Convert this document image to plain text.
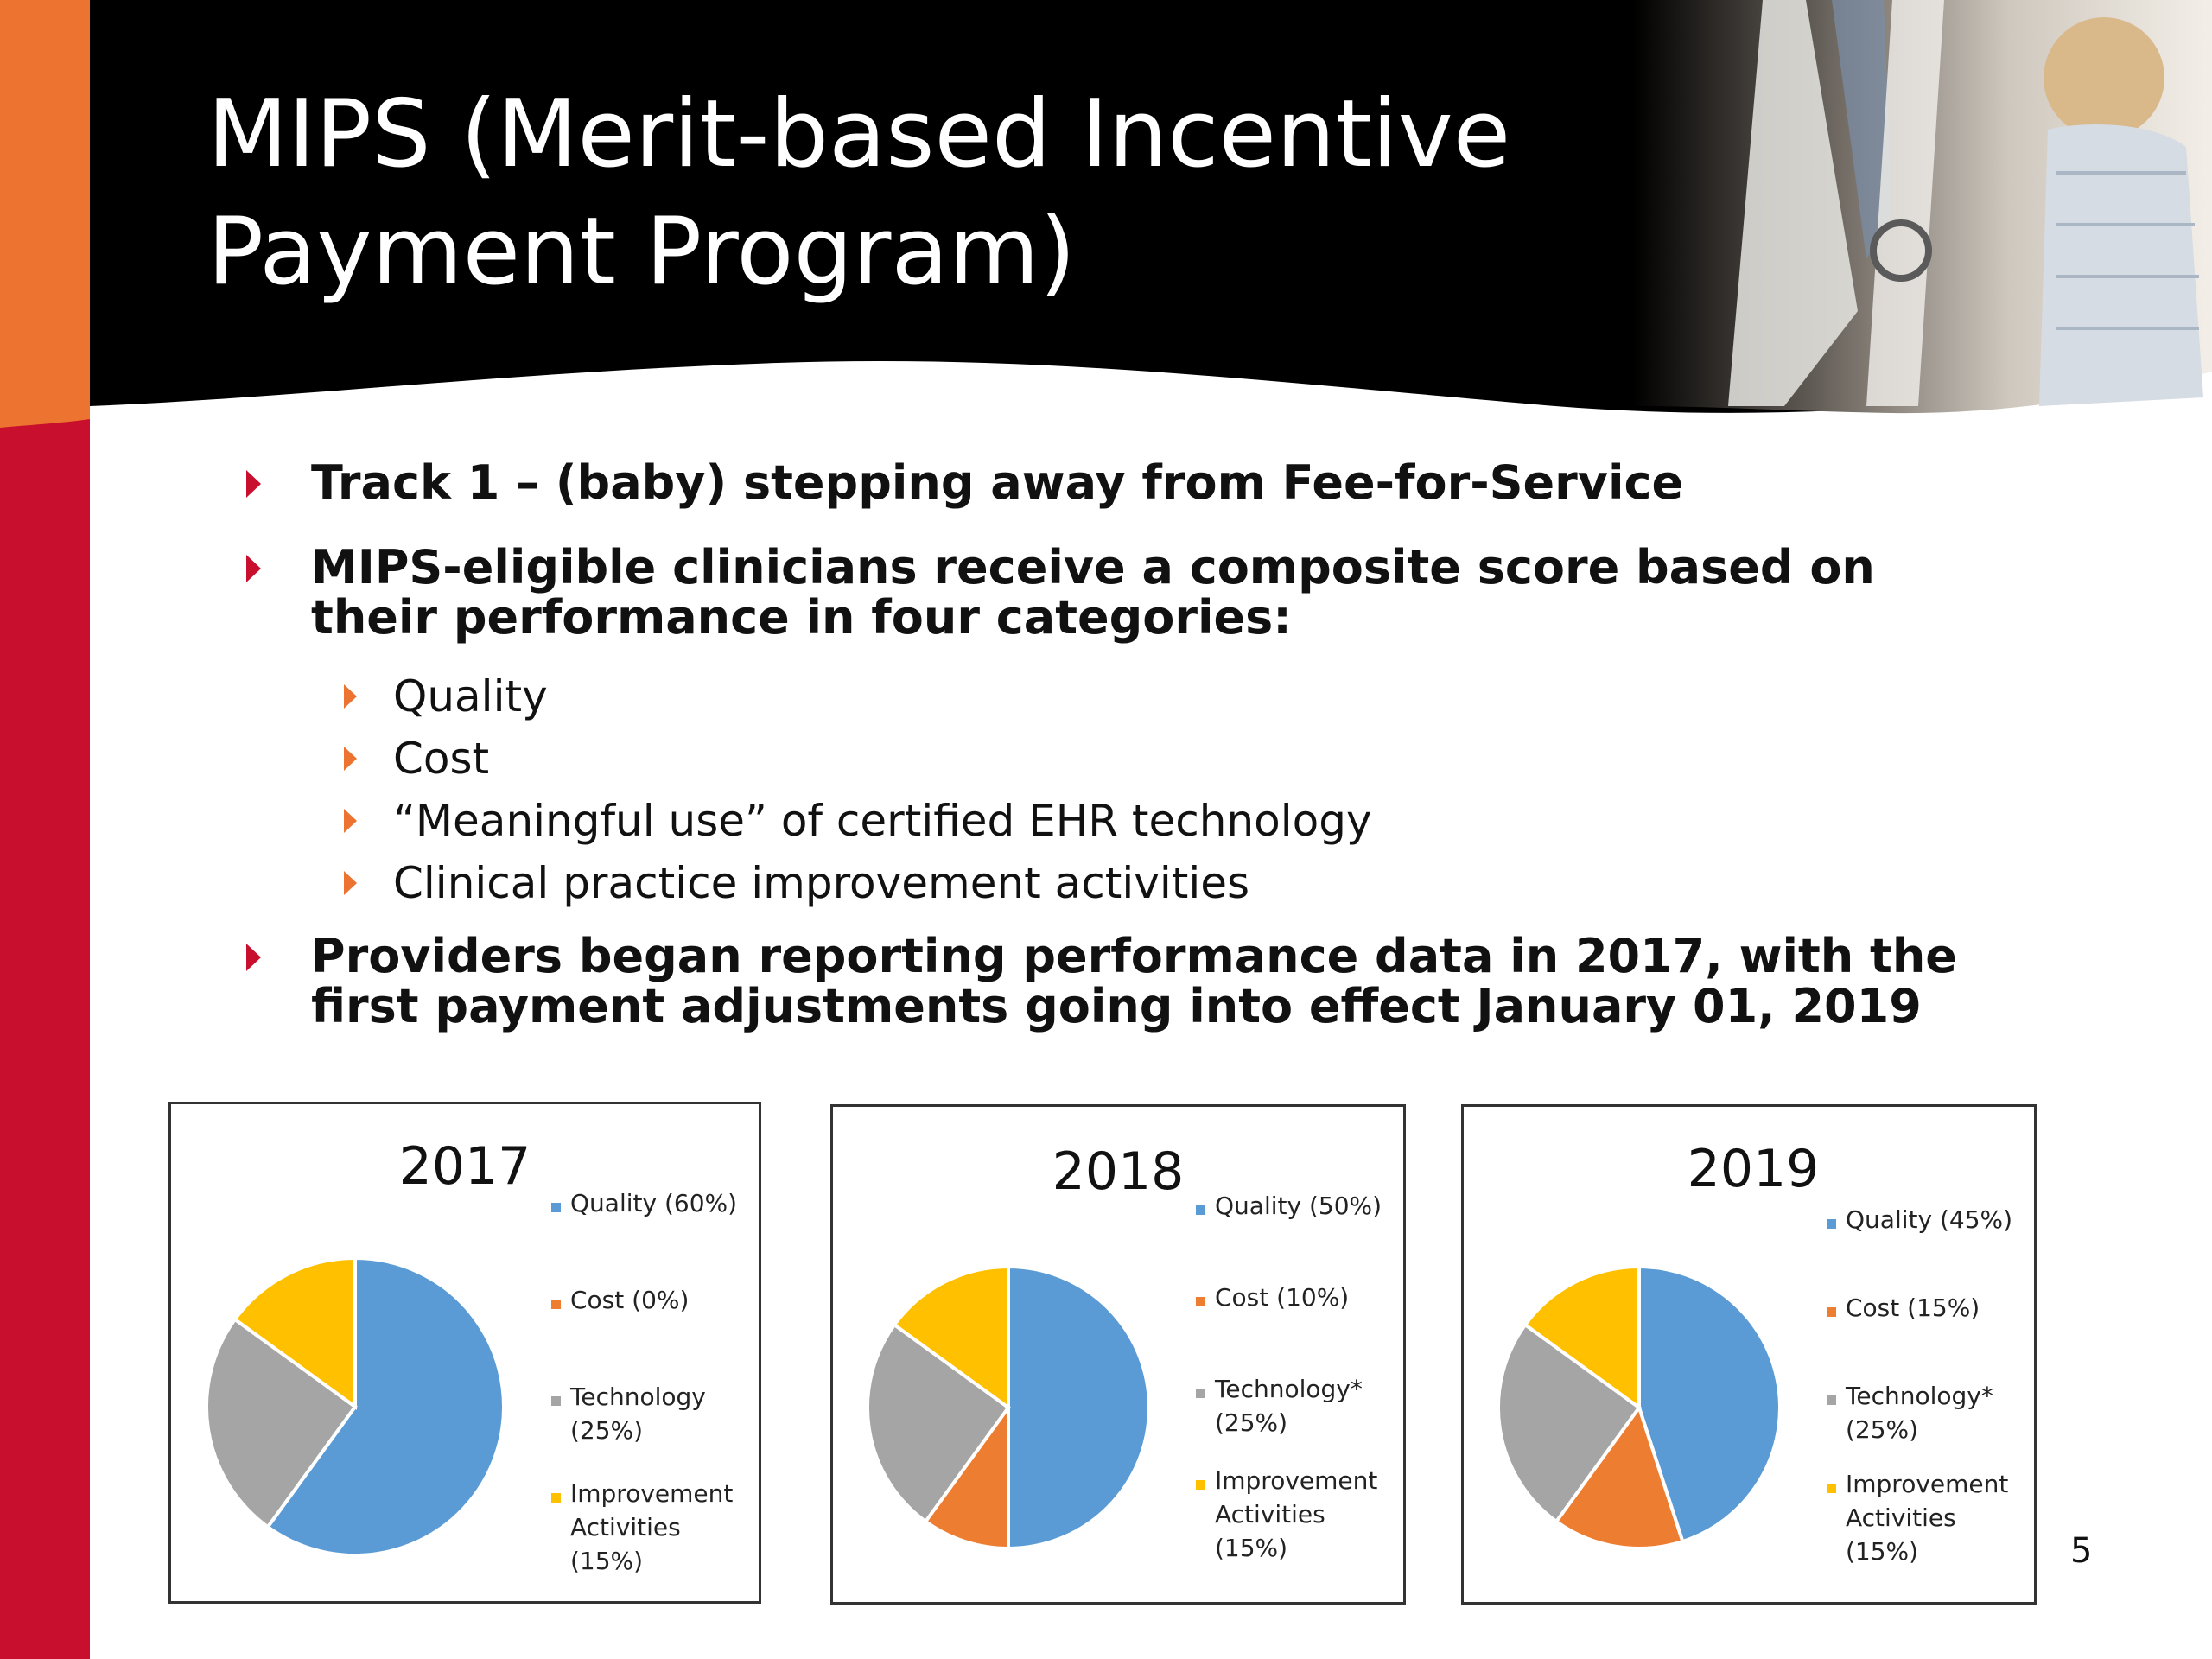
MIPS (Merit-based Incentive
Payment Program)
Track 1 – (baby) stepping away from Fee-for-Service
MIPS-eligible clinicians receive a composite score based on their performance in four categories:
Quality
Cost
“Meaningful use” of certified EHR technology
Clinical practice improvement activities
Providers began reporting performance data in 2017, with the first payment adjustments going into effect January 01, 2019
2017
Quality (60%)
Cost (0%)
Technology
(25%)
Improvement
Activities
(15%)
2018
Quality (50%)
Cost (10%)
Technology*
(25%)
Improvement
Activities
(15%)
2019
Quality (45%)
Cost (15%)
Technology*
(25%)
Improvement
Activities
(15%)	5
